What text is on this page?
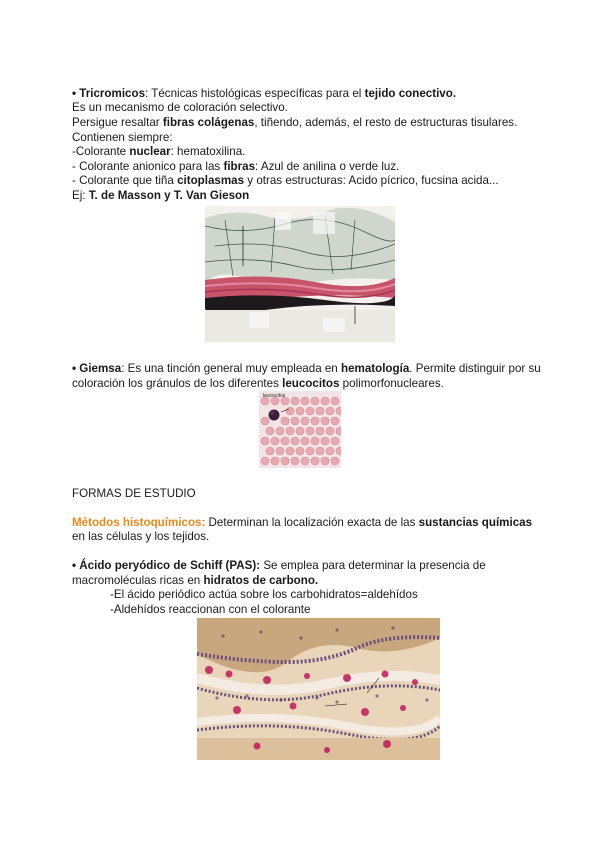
• Tricromicos: Técnicas histológicas específicas para el tejido conectivo.
Es un mecanismo de coloración selectivo.
Persigue resaltar fibras colágenas, tiñendo, además, el resto de estructuras tisulares.
Contienen siempre:
-Colorante nuclear: hematoxilina.
- Colorante anionico para las fibras: Azul de anilina o verde luz.
- Colorante que tiña citoplasmas y otras estructuras: Acido pícrico, fucsina acida...
Ej: T. de Masson y T. Van Gieson
• Giemsa: Es una tinción general muy empleada en hematología. Permite distinguir por su
coloración los gránulos de los diferentes leucocitos polimorfonucleares.
leucocitos
FORMAS DE ESTUDIO
Métodos histoquímicos: Determinan la localización exacta de las sustancias químicas
en las células y los tejidos.
• Ácido peryódico de Schiff (PAS): Se emplea para determinar la presencia de
macromoléculas ricas en hidratos de carbono.
-El ácido periódico actúa sobre los carbohidratos=aldehídos
-Aldehídos reaccionan con el colorante
